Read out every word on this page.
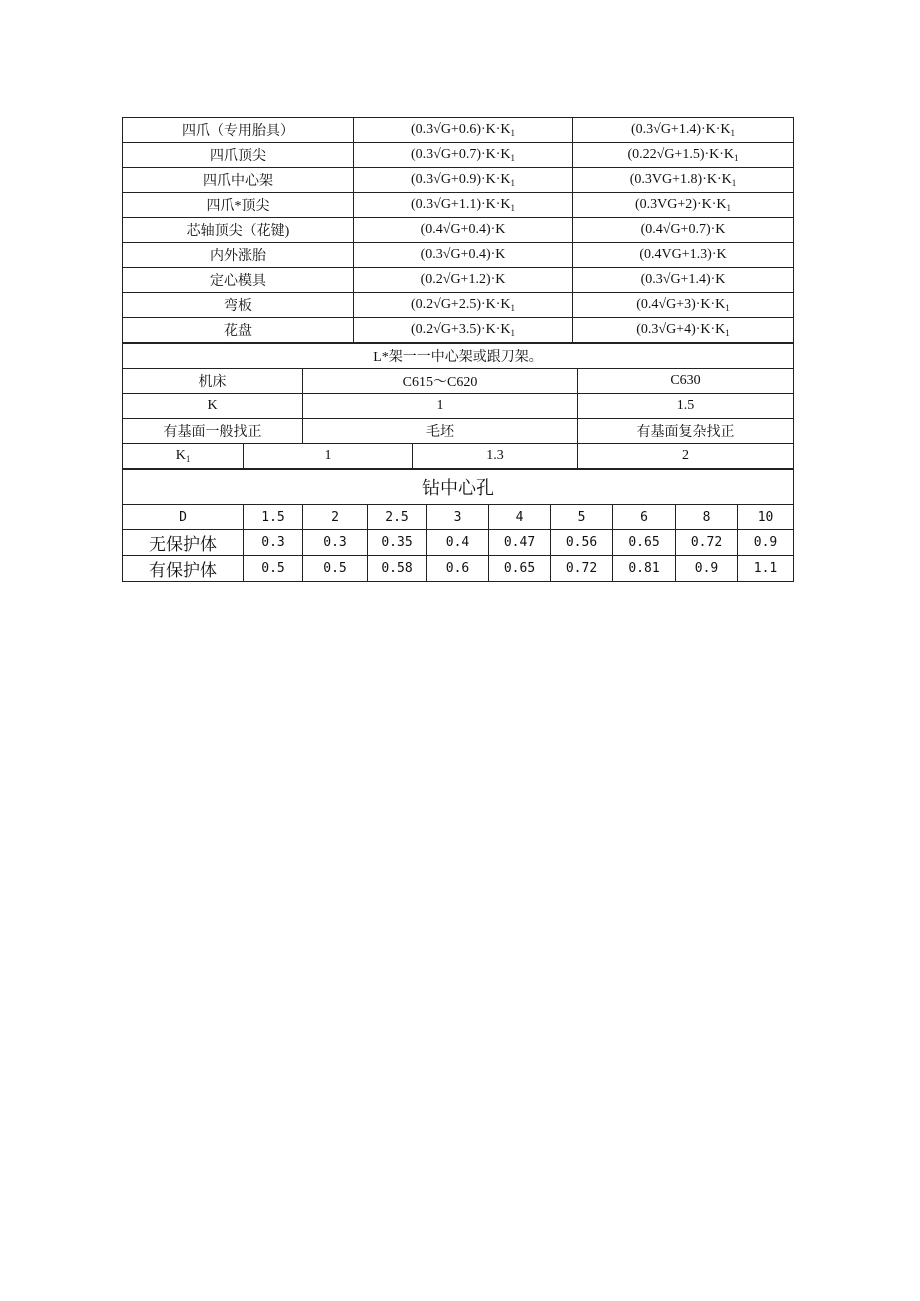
四爪（专用胎具）	$(0.3√G+0.6)\cdot K\cdot K_1$	$(0.3√G+1.4)\cdot K\cdot K_1$
四爪顶尖	$(0.3√G+0.7)\cdot K\cdot K_1$	$(0.22√G+1.5)\cdot K\cdot K_1$
四爪中心架	$(0.3√G+0.9)\cdot K\cdot K_1$	$(0.3VG+1.8)\cdot K\cdot K_1$
四爪*顶尖	$(0.3√G+1.1)\cdot K\cdot K_1$	$(0.3VG+2)\cdot K\cdot K_1$
芯轴顶尖（花键)	(0.4√G+0.4)·K	(0.4√G+0.7)·K
内外涨胎	(0.3√G+0.4)·K	(0.4VG+1.3)·K
定心模具	(0.2√G+1.2)·K	(0.3√G+1.4)·K
弯板	$(0.2√G+2.5)\cdot K\cdot K_1$	$(0.4√G+3)\cdot K\cdot K_1$
花盘	$(0.2√G+3.5)\cdot K\cdot K_1$	$(0.3√G+4)\cdot K\cdot K_1$
L*架一一中心架或跟刀架。					
机床		C615～C620		C630	
K		1		1.5	
有基面一般找正		毛坯		有基面复杂找正	
$K_1$	1		1.3	2	
钻中心孔									
D	1.5	2	2.5	3	4	5	6	8	10
无保护体	0.3	0.3	0.35	0.4	0.47	0.56	0.65	0.72	0.9
有保护体	0.5	0.5	0.58	0.6	0.65	0.72	0.81	0.9	1.1
